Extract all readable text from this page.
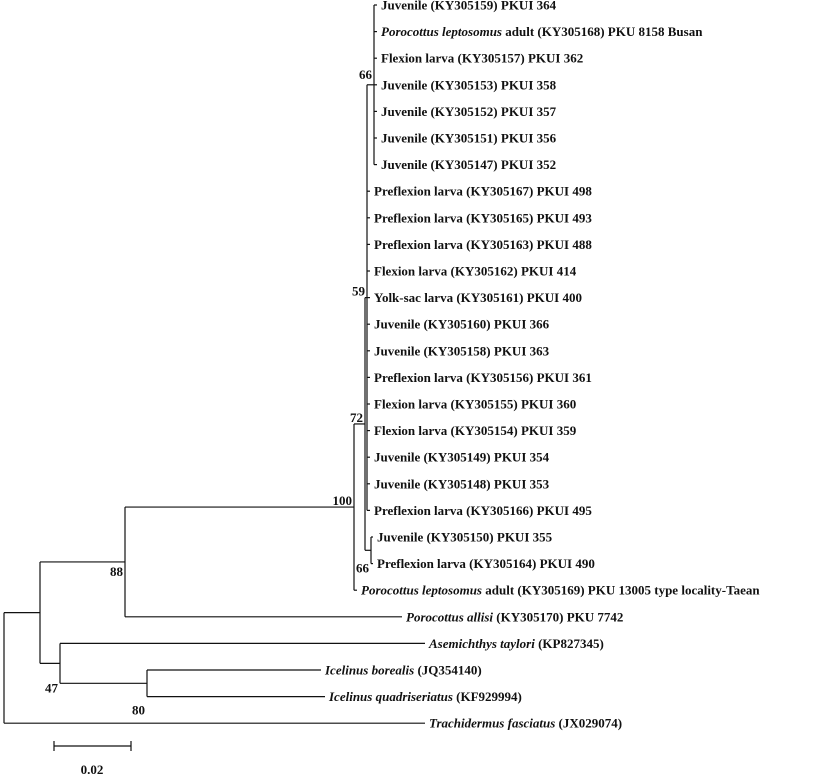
Juvenile (KY305159) PKUI 364
Porocottus leptosomus adult (KY305168) PKU 8158 Busan
Flexion larva (KY305157) PKUI 362
Juvenile (KY305153) PKUI 358
Juvenile (KY305152) PKUI 357
Juvenile (KY305151) PKUI 356
Juvenile (KY305147) PKUI 352
Preflexion larva (KY305167) PKUI 498
Preflexion larva (KY305165) PKUI 493
Preflexion larva (KY305163) PKUI 488
Flexion larva (KY305162) PKUI 414
Yolk-sac larva (KY305161) PKUI 400
Juvenile (KY305160) PKUI 366
Juvenile (KY305158) PKUI 363
Preflexion larva (KY305156) PKUI 361
Flexion larva (KY305155) PKUI 360
Flexion larva (KY305154) PKUI 359
Juvenile (KY305149) PKUI 354
Juvenile (KY305148) PKUI 353
Preflexion larva (KY305166) PKUI 495
Juvenile (KY305150) PKUI 355
Preflexion larva (KY305164) PKUI 490
Porocottus leptosomus adult (KY305169) PKU 13005 type locality-Taean
Porocottus allisi (KY305170) PKU 7742
Asemichthys taylori (KP827345)
Icelinus borealis (JQ354140)
Icelinus quadriseriatus (KF929994)
Trachidermus fasciatus (JX029074)
66
59
72
100
88	66
47
80
0.02
